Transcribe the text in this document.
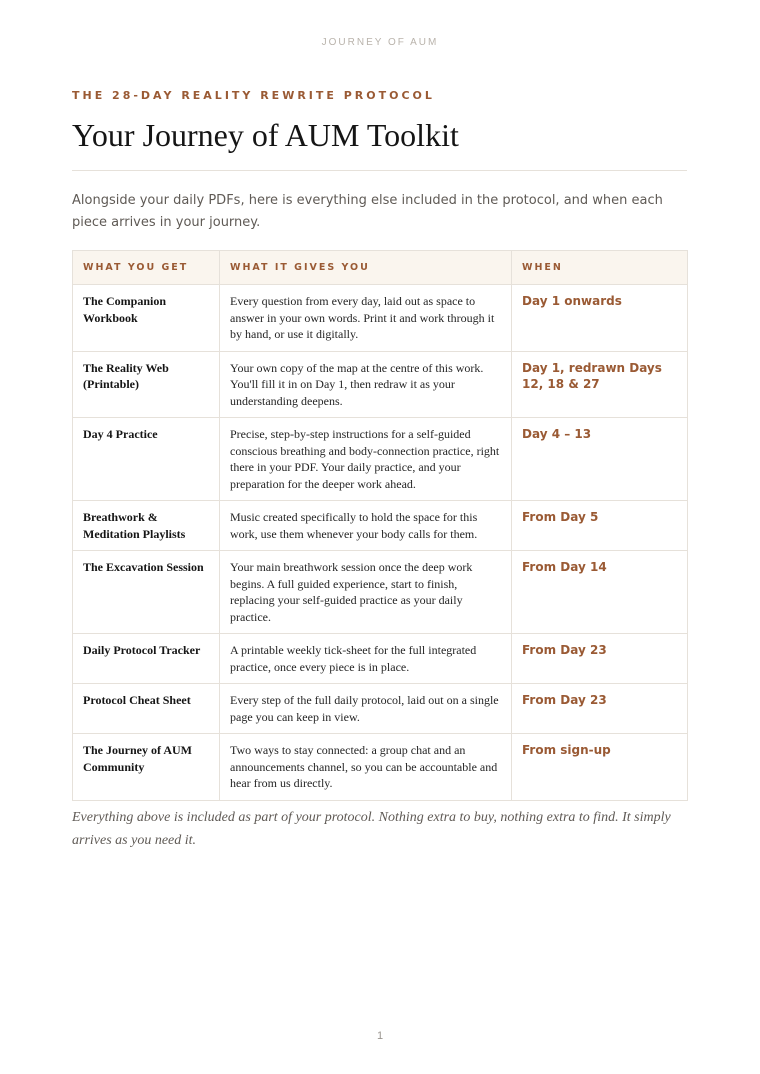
JOURNEY OF AUM
THE 28-DAY REALITY REWRITE PROTOCOL
Your Journey of AUM Toolkit

Alongside your daily PDFs, here is everything else included in the protocol, and when each piece arrives in your journey.

WHAT YOU GET	WHAT IT GIVES YOU	WHEN
The Companion Workbook	Every question from every day, laid out as space to answer in your own words. Print it and work through it by hand, or use it digitally.	Day 1 onwards
The Reality Web (Printable)	Your own copy of the map at the centre of this work. You'll fill it in on Day 1, then redraw it as your understanding deepens.	Day 1, redrawn Days 12, 18 & 27
Day 4 Practice	Precise, step-by-step instructions for a self-guided conscious breathing and body-connection practice, right there in your PDF. Your daily practice, and your preparation for the deeper work ahead.	Day 4 – 13
Breathwork & Meditation Playlists	Music created specifically to hold the space for this work, use them whenever your body calls for them.	From Day 5
The Excavation Session	Your main breathwork session once the deep work begins. A full guided experience, start to finish, replacing your self-guided practice as your daily practice.	From Day 14
Daily Protocol Tracker	A printable weekly tick-sheet for the full integrated practice, once every piece is in place.	From Day 23
Protocol Cheat Sheet	Every step of the full daily protocol, laid out on a single page you can keep in view.	From Day 23
The Journey of AUM Community	Two ways to stay connected: a group chat and an announcements channel, so you can be accountable and hear from us directly.	From sign-up

Everything above is included as part of your protocol. Nothing extra to buy, nothing extra to find. It simply arrives as you need it.

1
